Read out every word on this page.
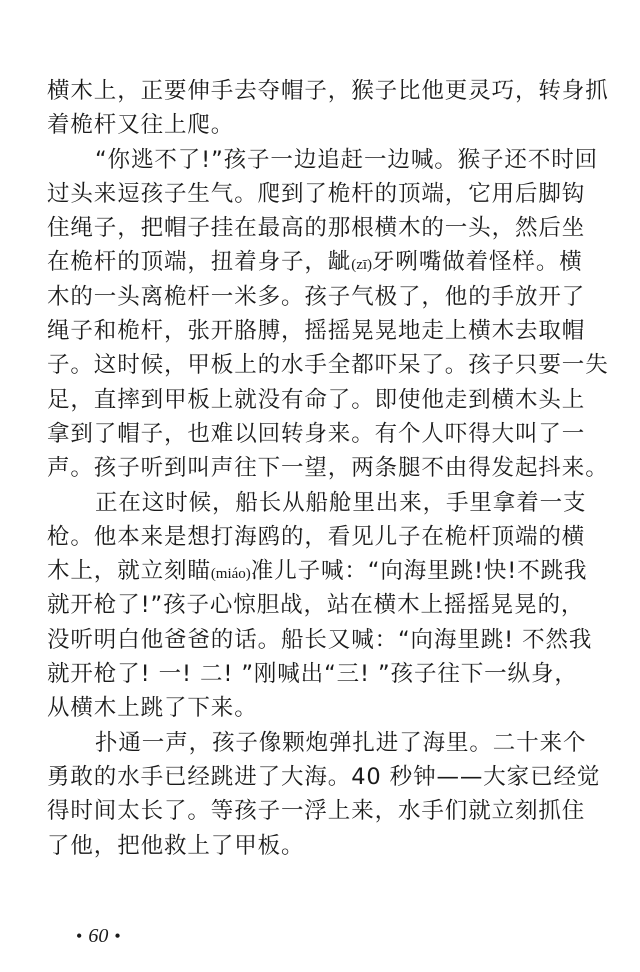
横木上，正要伸手去夺帽子，猴子比他更灵巧，转身抓
着桅杆又往上爬。
“你逃不了!”孩子一边追赶一边喊。猴子还不时回
过头来逗孩子生气。爬到了桅杆的顶端，它用后脚钩
住绳子，把帽子挂在最高的那根横木的一头，然后坐
在桅杆的顶端，扭着身子，龇(zī)牙咧嘴做着怪样。横
木的一头离桅杆一米多。孩子气极了，他的手放开了
绳子和桅杆，张开胳膊，摇摇晃晃地走上横木去取帽
子。这时候，甲板上的水手全都吓呆了。孩子只要一失
足，直摔到甲板上就没有命了。即使他走到横木头上
拿到了帽子，也难以回转身来。有个人吓得大叫了一
声。孩子听到叫声往下一望，两条腿不由得发起抖来。
正在这时候，船长从船舱里出来，手里拿着一支
枪。他本来是想打海鸥的，看见儿子在桅杆顶端的横
木上，就立刻瞄(miáo)准儿子喊：“向海里跳!快!不跳我
就开枪了!”孩子心惊胆战，站在横木上摇摇晃晃的，
没听明白他爸爸的话。船长又喊：“向海里跳! 不然我
就开枪了! 一! 二! ”刚喊出“三! ”孩子往下一纵身，
从横木上跳了下来。
扑通一声，孩子像颗炮弹扎进了海里。二十来个
勇敢的水手已经跳进了大海。40 秒钟——大家已经觉
得时间太长了。等孩子一浮上来，水手们就立刻抓住
了他，把他救上了甲板。
• 60 •
